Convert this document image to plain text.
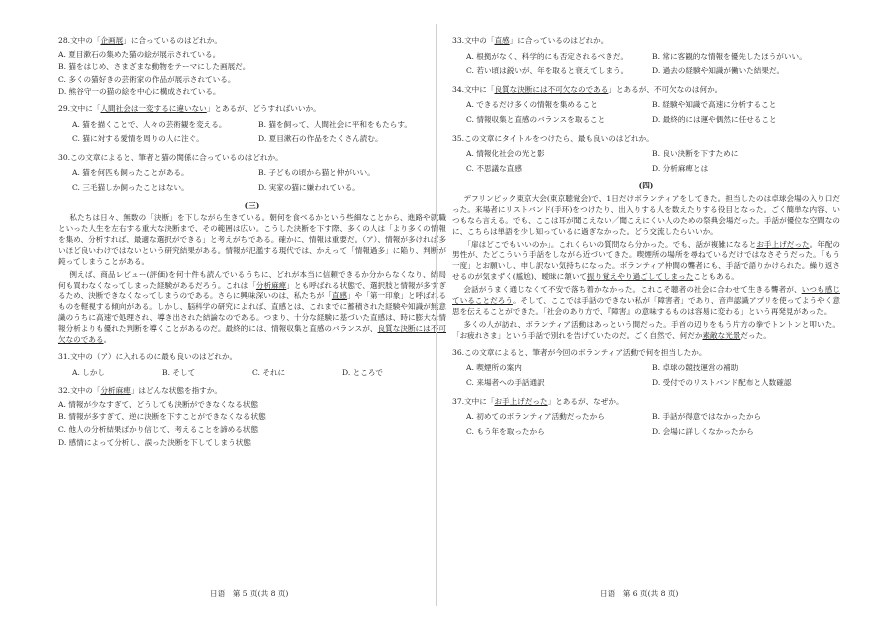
28.文中の「企画展」に合っているのはどれか。
A. 夏目漱石の集めた猫の絵が展示されている。
B. 猫をはじめ、さまざまな動物をテーマにした画展だ。
C. 多くの猫好きの芸術家の作品が展示されている。
D. 熊谷守一の猫の絵を中心に構成されている。
29.文中に「人間社会は一変するに違いない」とあるが、どうすればいいか。
A. 猫を描くことで、人々の芸術観を変える。	B. 猫を飼って、人間社会に平和をもたらす。
C. 猫に対する愛情を周りの人に注ぐ。	D. 夏目漱石の作品をたくさん読む。
30.この文章によると、筆者と猫の関係に合っているのはどれか。
A. 猫を何匹も飼ったことがある。	B. 子どもの頃から猫と仲がいい。
C. 三毛猫しか飼ったことはない。	D. 実家の猫に嫌われている。
(三)
私たちは日々、無数の「決断」を下しながら生きている。朝何を食べるかという些細なことから、進路や就職といった人生を左右する重大な決断まで、その範囲は広い。こうした決断を下す際、多くの人は「より多くの情報を集め、分析すれば、最適な選択ができる」と考えがちである。確かに、情報は重要だ。（ア）、情報が多ければ多いほど良いわけではないという研究結果がある。情報が氾濫する現代では、かえって「情報過多」に陥り、判断が鈍ってしまうことがある。
例えば、商品レビュー(評価)を何十件も読んでいるうちに、どれが本当に信頼できるか分からなくなり、結局何も買わなくなってしまった経験があるだろう。これは「分析麻痺」とも呼ばれる状態で、選択肢と情報が多すぎるため、決断できなくなってしまうのである。さらに興味深いのは、私たちが「直感」や「第一印象」と呼ばれるものを軽視する傾向がある。しかし、脳科学の研究によれば、直感とは、これまでに蓄積された経験や知識が無意識のうちに高速で処理され、導き出された結論なのである。つまり、十分な経験に基づいた直感は、時に膨大な情報分析よりも優れた判断を導くことがあるのだ。最終的には、情報収集と直感のバランスが、良質な決断には不可欠なのである。
31.文中の（ア）に入れるのに最も良いのはどれか。
A. しかし	B. そして	C. それに	D. ところで
32.文中の「分析麻痺」はどんな状態を指すか。
A. 情報が少なすぎて、どうしても決断ができなくなる状態
B. 情報が多すぎて、逆に決断を下すことができなくなる状態
C. 他人の分析結果ばかり信じて、考えることを諦める状態
D. 感情によって分析し、誤った決断を下してしまう状態
33.文中の「直感」に合っているのはどれか。
A. 根拠がなく、科学的にも否定されるべきだ。	B. 常に客観的な情報を優先したほうがいい。
C. 若い頃は鋭いが、年を取ると衰えてしまう。	D. 過去の経験や知識が働いた結果だ。
34.文中に「良質な決断には不可欠なのである」とあるが、不可欠なのは何か。
A. できるだけ多くの情報を集めること	B. 経験や知識で高速に分析すること
C. 情報収集と直感のバランスを取ること	D. 最終的には運や偶然に任せること
35.この文章にタイトルをつけたら、最も良いのはどれか。
A. 情報化社会の光と影	B. 良い決断を下すために
C. 不思議な直感	D. 分析麻痺とは
(四)
デフリンピック東京大会(東京聴覚会)で、1日だけボランティアをしてきた。担当したのは卓球会場の入り口だった。来場者にリストバンド(手环)をつけたり、出入りする人を数えたりする役目となった。ごく簡単な内容、いつもなら言える。でも、ここは耳が聞こえない／聞こえにくい人のための祭典会場だった。手話が優位な空間なのに、こちらは単語を少し知っているに過ぎなかった。どう交流したらいいか。
「扉はどこでもいいのか」。これくらいの質問なら分かった。でも、話が複雑になるとお手上げだった。年配の男性が、たどこういう手話をしながら近づいてきた。喫煙所の場所を尋ねているだけではなさそうだった。「もう一度」とお願いし、申し訳ない気持ちになった。ボランティア仲間の聾者にも、手話で語りかけられた。繰り返させるのが気まずく(尴尬)、曖昧に頷いて振り覚えやり過ごしてしまったこともある。
会話がうまく通じなくて不安で落ち着かなかった。これこそ聴者の社会に合わせて生きる聾者が、いつも感じていることだろう。そして、ここでは手話のできない私が「障害者」であり、音声認識アプリを使ってようやく意思を伝えることができた。「社会のあり方で、『障害』の意味するものは容易に変わる」という再発見があった。
多くの人が訪れ、ボランティア活動はあっという間だった。手首の辺りをもう片方の拳でトントンと叩いた。「お疲れさま」という手話で別れを告げていたのだ。ごく自然で、何だか素敵な光景だった。
36.この文章によると、筆者が今回のボランティア活動で何を担当したか。
A. 喫煙所の案内	B. 卓球の競技運営の補助
C. 来場者への手話通訳	D. 受付でのリストバンド配布と人数確認
37.文中に「お手上げだった」とあるが、なぜか。
A. 初めてのボランティア活動だったから	B. 手話が得意ではなかったから
C. もう年を取ったから	D. 会場に詳しくなかったから
日语　第 5 页(共 8 页)	日语　第 6 页(共 8 页)
